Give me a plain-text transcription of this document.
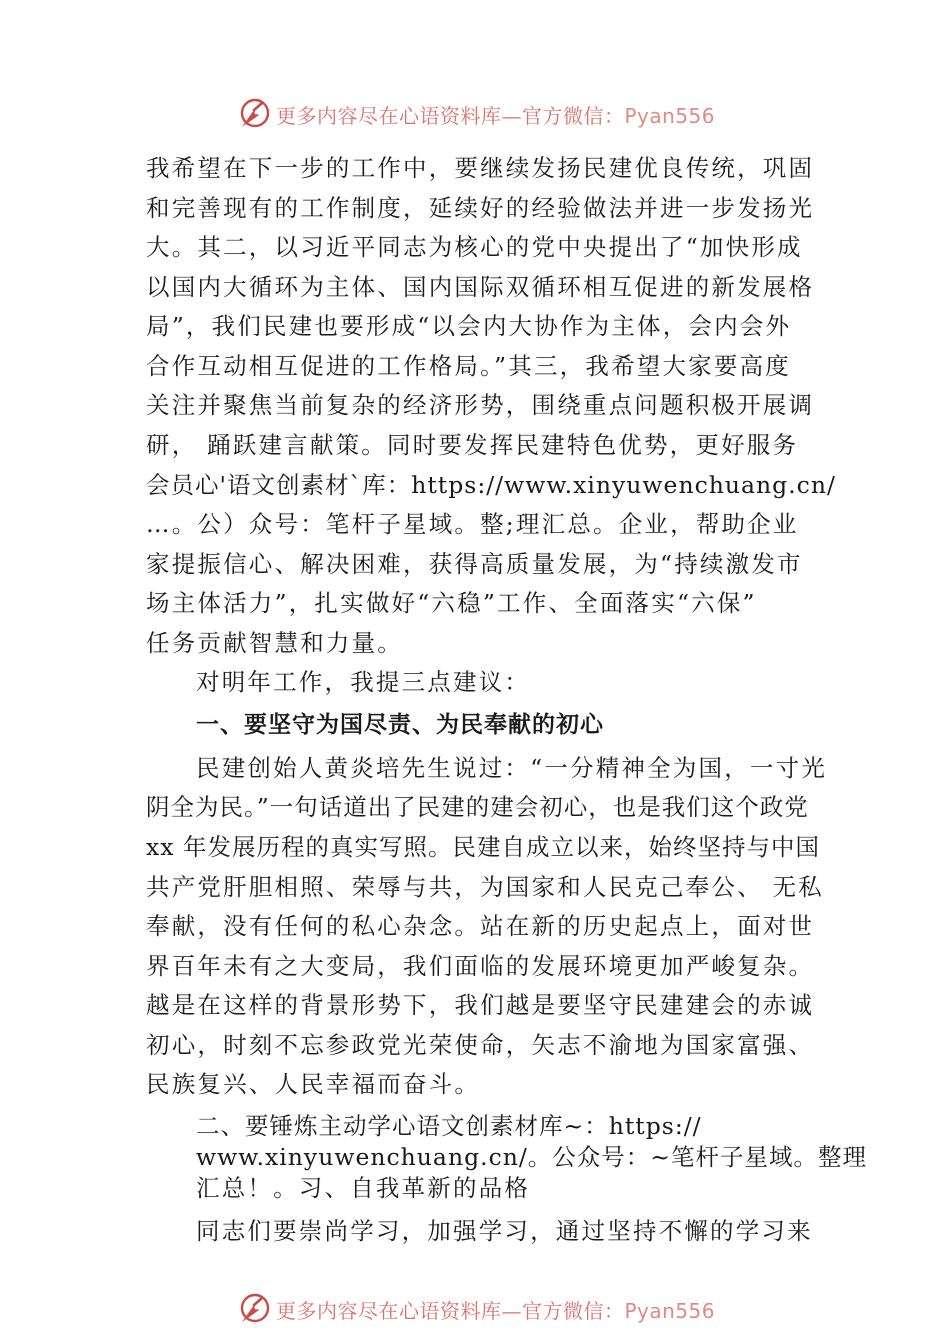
更多内容尽在心语资料库—官方微信：Pyan556
我希望在下一步的工作中，要继续发扬民建优良传统，巩固
和完善现有的工作制度，延续好的经验做法并进一步发扬光
大。其二，以习近平同志为核心的党中央提出了“加快形成
以国内大循环为主体、国内国际双循环相互促进的新发展格
局”，我们民建也要形成“以会内大协作为主体，会内会外
合作互动相互促进的工作格局。”其三，我希望大家要高度
关注并聚焦当前复杂的经济形势，围绕重点问题积极开展调
研， 踊跃建言献策。同时要发挥民建特色优势，更好服务
会员心'语文创素材`库：https://www.xinyuwenchuang.cn/
…。公）众号：笔杆子星域。整;理汇总。企业，帮助企业
家提振信心、解决困难，获得高质量发展，为“持续激发市
场主体活力”，扎实做好“六稳”工作、全面落实“六保”
任务贡献智慧和力量。
对明年工作，我提三点建议：
一、要坚守为国尽责、为民奉献的初心
民建创始人黄炎培先生说过：“一分精神全为国，一寸光
阴全为民。”一句话道出了民建的建会初心，也是我们这个政党
xx 年发展历程的真实写照。民建自成立以来，始终坚持与中国
共产党肝胆相照、荣辱与共，为国家和人民克己奉公、 无私
奉献，没有任何的私心杂念。站在新的历史起点上，面对世
界百年未有之大变局，我们面临的发展环境更加严峻复杂。
越是在这样的背景形势下，我们越是要坚守民建建会的赤诚
初心，时刻不忘参政党光荣使命，矢志不渝地为国家富强、
民族复兴、人民幸福而奋斗。
二、要锤炼主动学心语文创素材库~：https://
www.xinyuwenchuang.cn/。公众号：~笔杆子星域。整理
汇总！。习、自我革新的品格
同志们要崇尚学习，加强学习，通过坚持不懈的学习来
更多内容尽在心语资料库—官方微信：Pyan556
